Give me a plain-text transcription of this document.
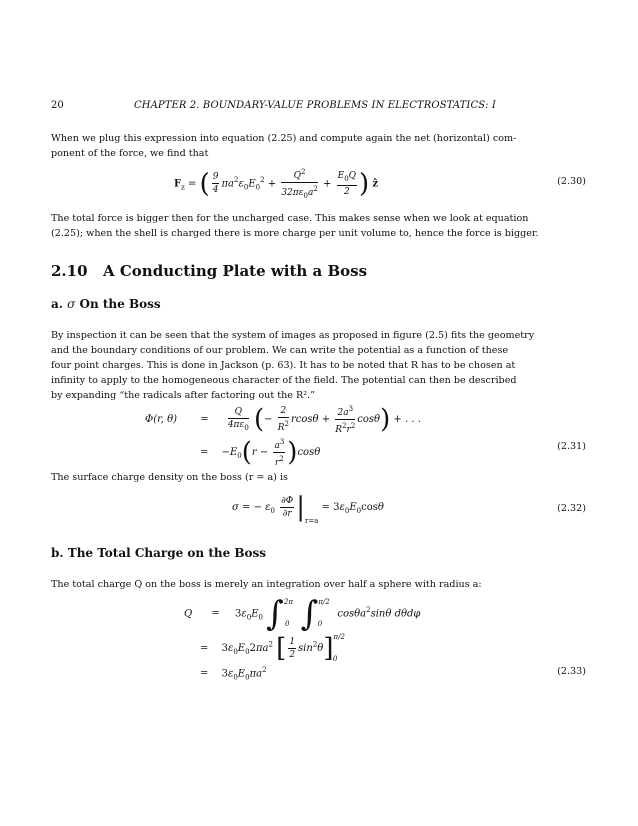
20	CHAPTER 2. BOUNDARY-VALUE PROBLEMS IN ELECTROSTATICS: I
When we plug this expression into equation (2.25) and compute again the net (horizontal) com-
ponent of the force, we find that
$F_z$ = ( $\frac{9}{4} \pi a^2\varepsilon_0E_0^2 + \frac{Q^2}{32\pi\varepsilon_0a^2} + \frac{E_0Q}{2}$ ) ẑ	(2.30)
The total force is bigger then for the uncharged case. This makes sense when we look at equation
(2.25); when the shell is charged there is more charge per unit volume to, hence the force is bigger.
2.10 A Conducting Plate with a Boss
a. σ On the Boss
By inspection it can be seen that the system of images as proposed in figure (2.5) fits the geometry
and the boundary conditions of our problem. We can write the potential as a function of these
four point charges. This is done in Jackson (p. 63). It has to be noted that R has to be chosen at
infinity to apply to the homogeneous character of the field. The potential can then be described
by expanding “the radicals after factoring out the R².”
Φ(r, $\theta) = \frac{Q}{4\pi\varepsilon_0}$ (− $\frac{2}{R^2}$ $rcos\theta + \frac{2a^3}{R^2r^2} \cos\theta$) + . . .
= $-E_0(r - \frac{a^3}{r^2} )\cos\theta$
(2.31)
The surface charge density on the boss (r = a) is
σ = − $\varepsilon_0 \frac{\partial\Phi}{\partial r} |_{r=a} = 3\varepsilon_0E_0\cos\theta$	(2.32)
b. The Total Charge on the Boss
The total charge Q on the boss is merely an integration over half a sphere with radius a:
$Q = 3\varepsilon_0E_0$ ∫$^{2\pi}_0$ ∫$^{\pi/2}_0$ cosθa$^2$sinθ dθdφ
= $3\varepsilon_0E_02\pi a^2$ [ $\frac{1}{2} \sin^2\theta]^{\pi/2}_0$
= $3\varepsilon_0E_0\pi a^2$	(2.33)
